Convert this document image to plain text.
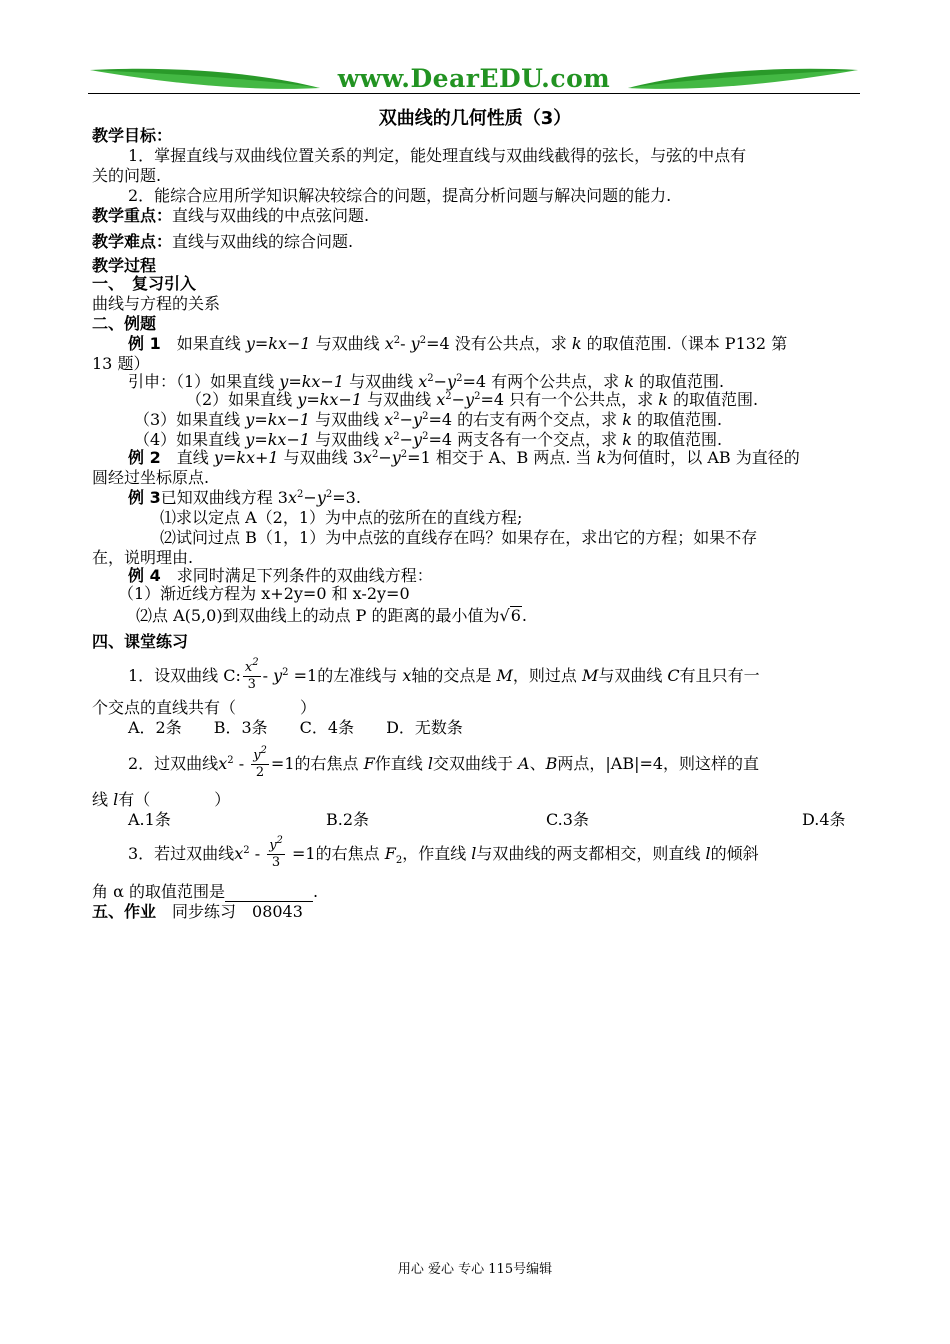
www.DearEDU.com
双曲线的几何性质（3）
教学目标：
1．掌握直线与双曲线位置关系的判定，能处理直线与双曲线截得的弦长，与弦的中点有
关的问题.
2．能综合应用所学知识解决较综合的问题，提高分析问题与解决问题的能力.
教学重点：直线与双曲线的中点弦问题.
教学难点：直线与双曲线的综合问题.
教学过程
一、　复习引入
曲线与方程的关系
二、例题
例 1　如果直线 y=kx−1 与双曲线 $x^2-$ $y^2=4$ 没有公共点，求 k 的取值范围.（课本 P132 第
13 题）
引申：（1）如果直线 y=kx−1 与双曲线 $x^2-y^2=4$ 有两个公共点，求 k 的取值范围.
（2）如果直线 y=kx−1 与双曲线 $x^2-y^2=4$ 只有一个公共点，求 k 的取值范围.
（3）如果直线 y=kx−1 与双曲线 $x^2-y^2=4$ 的右支有两个交点，求 k 的取值范围.
（4）如果直线 y=kx−1 与双曲线 $x^2-y^2=4$ 两支各有一个交点，求 k 的取值范围.
例 2　直线 y=kx+1 与双曲线 $3x^2-y^2=1$ 相交于 A、B 两点. 当 k为何值时，以 AB 为直径的
圆经过坐标原点.
例 3已知双曲线方程 $3x^2-y^2=3$.
⑴求以定点 A（2，1）为中点的弦所在的直线方程;
⑵试问过点 B（1，1）为中点弦的直线存在吗？如果存在，求出它的方程；如果不存
在，说明理由.
例 4　求同时满足下列条件的双曲线方程：
（1）渐近线方程为 x+2y=0 和 x-2y=0
⑵点 A(5,0)到双曲线上的动点 P 的距离的最小值为√6.
四、课堂练习
1．设双曲线 C: $\frac{x^2}{3} - y^2 =1$的左准线与 x轴的交点是 M，则过点 M与双曲线 C有且只有一
个交点的直线共有（　　　　）
A．2条　　B．3条　　C．4条　　D．无数条
2．过双曲线$x^2 - \frac{y^2}{2} =1$的右焦点 F作直线 l交双曲线于 A、B两点，|AB|=4，则这样的直
线 l有（　　　　）
A.1条	B.2条	C.3条	D.4条
3．若过双曲线$x^2 - \frac{y^2}{3} =1$的右焦点 $F_2$，作直线 l与双曲线的两支都相交，则直线 l的倾斜
角 α 的取值范围是	.
五、作业　同步练习　08043
用心 爱心 专心 115号编辑
